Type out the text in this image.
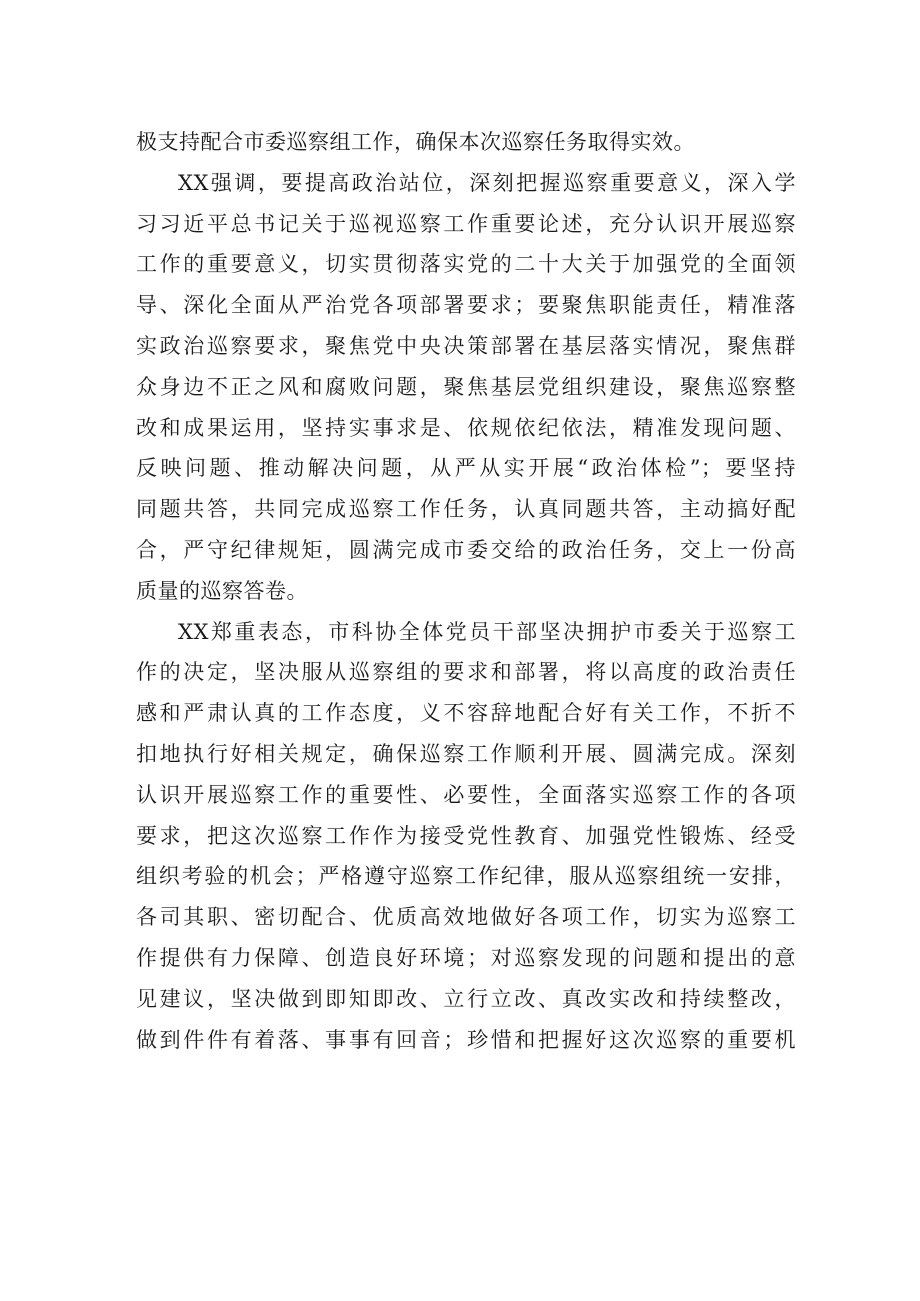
极支持配合市委巡察组工作，确保本次巡察任务取得实效。
XX强调，要提高政治站位，深刻把握巡察重要意义，深入学
习习近平总书记关于巡视巡察工作重要论述，充分认识开展巡察
工作的重要意义，切实贯彻落实党的二十大关于加强党的全面领
导、深化全面从严治党各项部署要求；要聚焦职能责任，精准落
实政治巡察要求，聚焦党中央决策部署在基层落实情况，聚焦群
众身边不正之风和腐败问题，聚焦基层党组织建设，聚焦巡察整
改和成果运用，坚持实事求是、依规依纪依法，精准发现问题、
反映问题、推动解决问题，从严从实开展“政治体检”；要坚持
同题共答，共同完成巡察工作任务，认真同题共答，主动搞好配
合，严守纪律规矩，圆满完成市委交给的政治任务，交上一份高
质量的巡察答卷。
XX郑重表态，市科协全体党员干部坚决拥护市委关于巡察工
作的决定，坚决服从巡察组的要求和部署，将以高度的政治责任
感和严肃认真的工作态度，义不容辞地配合好有关工作，不折不
扣地执行好相关规定，确保巡察工作顺利开展、圆满完成。深刻
认识开展巡察工作的重要性、必要性，全面落实巡察工作的各项
要求，把这次巡察工作作为接受党性教育、加强党性锻炼、经受
组织考验的机会；严格遵守巡察工作纪律，服从巡察组统一安排，
各司其职、密切配合、优质高效地做好各项工作，切实为巡察工
作提供有力保障、创造良好环境；对巡察发现的问题和提出的意
见建议，坚决做到即知即改、立行立改、真改实改和持续整改，
做到件件有着落、事事有回音；珍惜和把握好这次巡察的重要机
